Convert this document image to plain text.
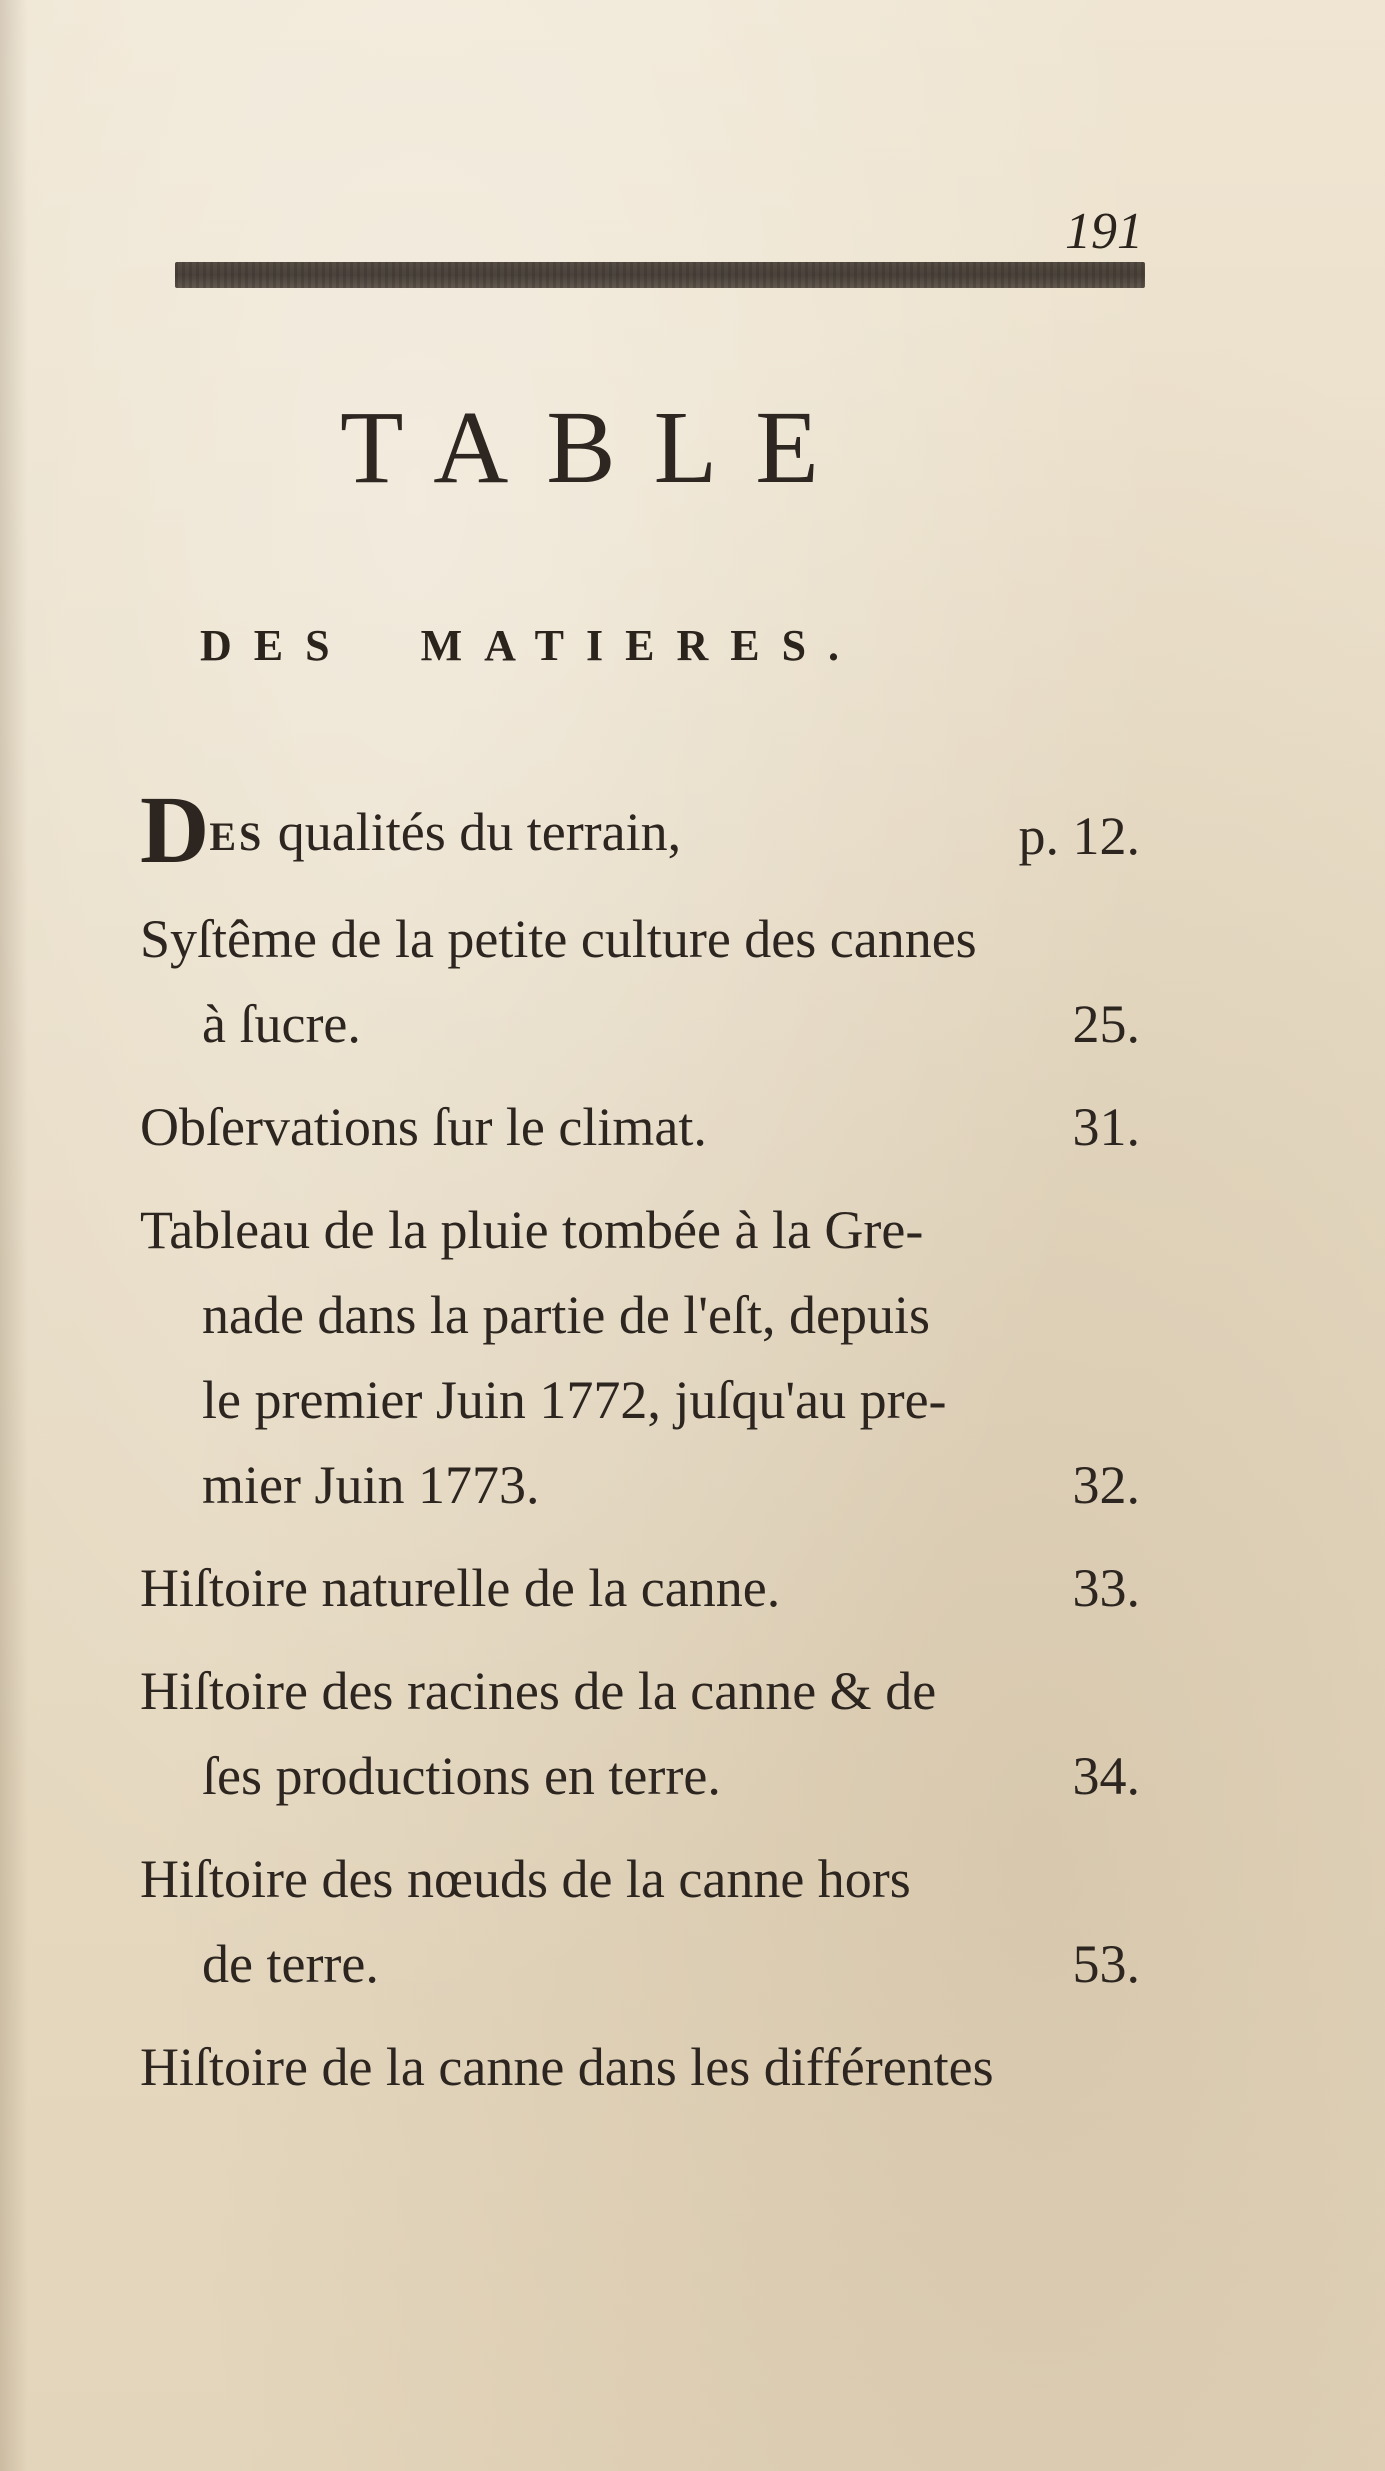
191
TABLE
DES MATIERES.
DES qualités du terrain,	p. 12.
Syſtême de la petite culture des cannes
à ſucre.	25.
Obſervations ſur le climat.	31.
Tableau de la pluie tombée à la Gre-
nade dans la partie de l'eſt, depuis
le premier Juin 1772, juſqu'au pre-
mier Juin 1773.	32.
Hiſtoire naturelle de la canne.	33.
Hiſtoire des racines de la canne & de
ſes productions en terre.	34.
Hiſtoire des nœuds de la canne hors
de terre.	53.
Hiſtoire de la canne dans les différentes
